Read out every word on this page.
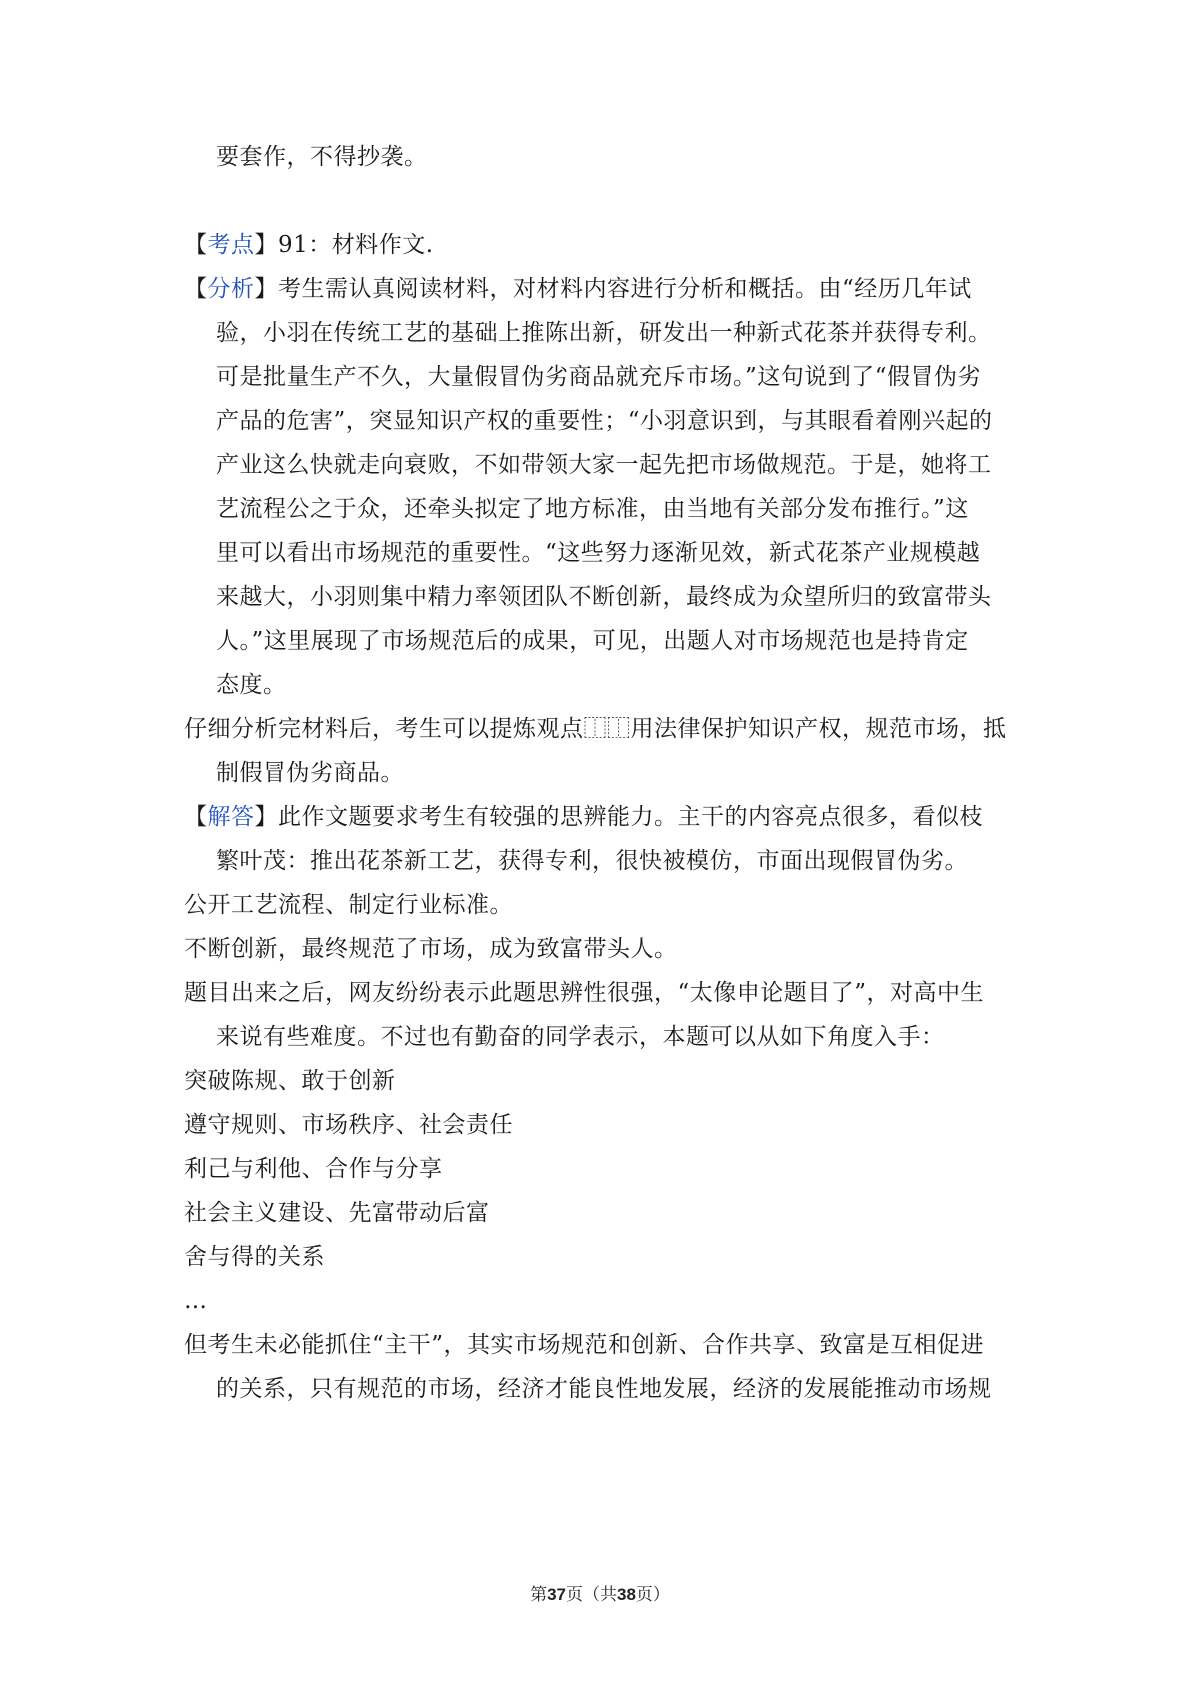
要套作，不得抄袭。
【考点】91：材料作文.
【分析】考生需认真阅读材料，对材料内容进行分析和概括。由“经历几年试
验，小羽在传统工艺的基础上推陈出新，研发出一种新式花茶并获得专利。
可是批量生产不久，大量假冒伪劣商品就充斥市场。”这句说到了“假冒伪劣
产品的危害”，突显知识产权的重要性；“小羽意识到，与其眼看着刚兴起的
产业这么快就走向衰败，不如带领大家一起先把市场做规范。于是，她将工
艺流程公之于众，还牵头拟定了地方标准，由当地有关部分发布推行。”这
里可以看出市场规范的重要性。“这些努力逐渐见效，新式花茶产业规模越
来越大，小羽则集中精力率领团队不断创新，最终成为众望所归的致富带头
人。”这里展现了市场规范后的成果，可见，出题人对市场规范也是持肯定
态度。
仔细分析完材料后，考生可以提炼观点⿰⿰用法律保护知识产权，规范市场，抵
制假冒伪劣商品。
【解答】此作文题要求考生有较强的思辨能力。主干的内容亮点很多，看似枝
繁叶茂：推出花茶新工艺，获得专利，很快被模仿，市面出现假冒伪劣。
公开工艺流程、制定行业标准。
不断创新，最终规范了市场，成为致富带头人。
题目出来之后，网友纷纷表示此题思辨性很强，“太像申论题目了”，对高中生
来说有些难度。不过也有勤奋的同学表示，本题可以从如下角度入手：
突破陈规、敢于创新
遵守规则、市场秩序、社会责任
利己与利他、合作与分享
社会主义建设、先富带动后富
舍与得的关系
…
但考生未必能抓住“主干”，其实市场规范和创新、合作共享、致富是互相促进
的关系，只有规范的市场，经济才能良性地发展，经济的发展能推动市场规
第37页（共38页）
